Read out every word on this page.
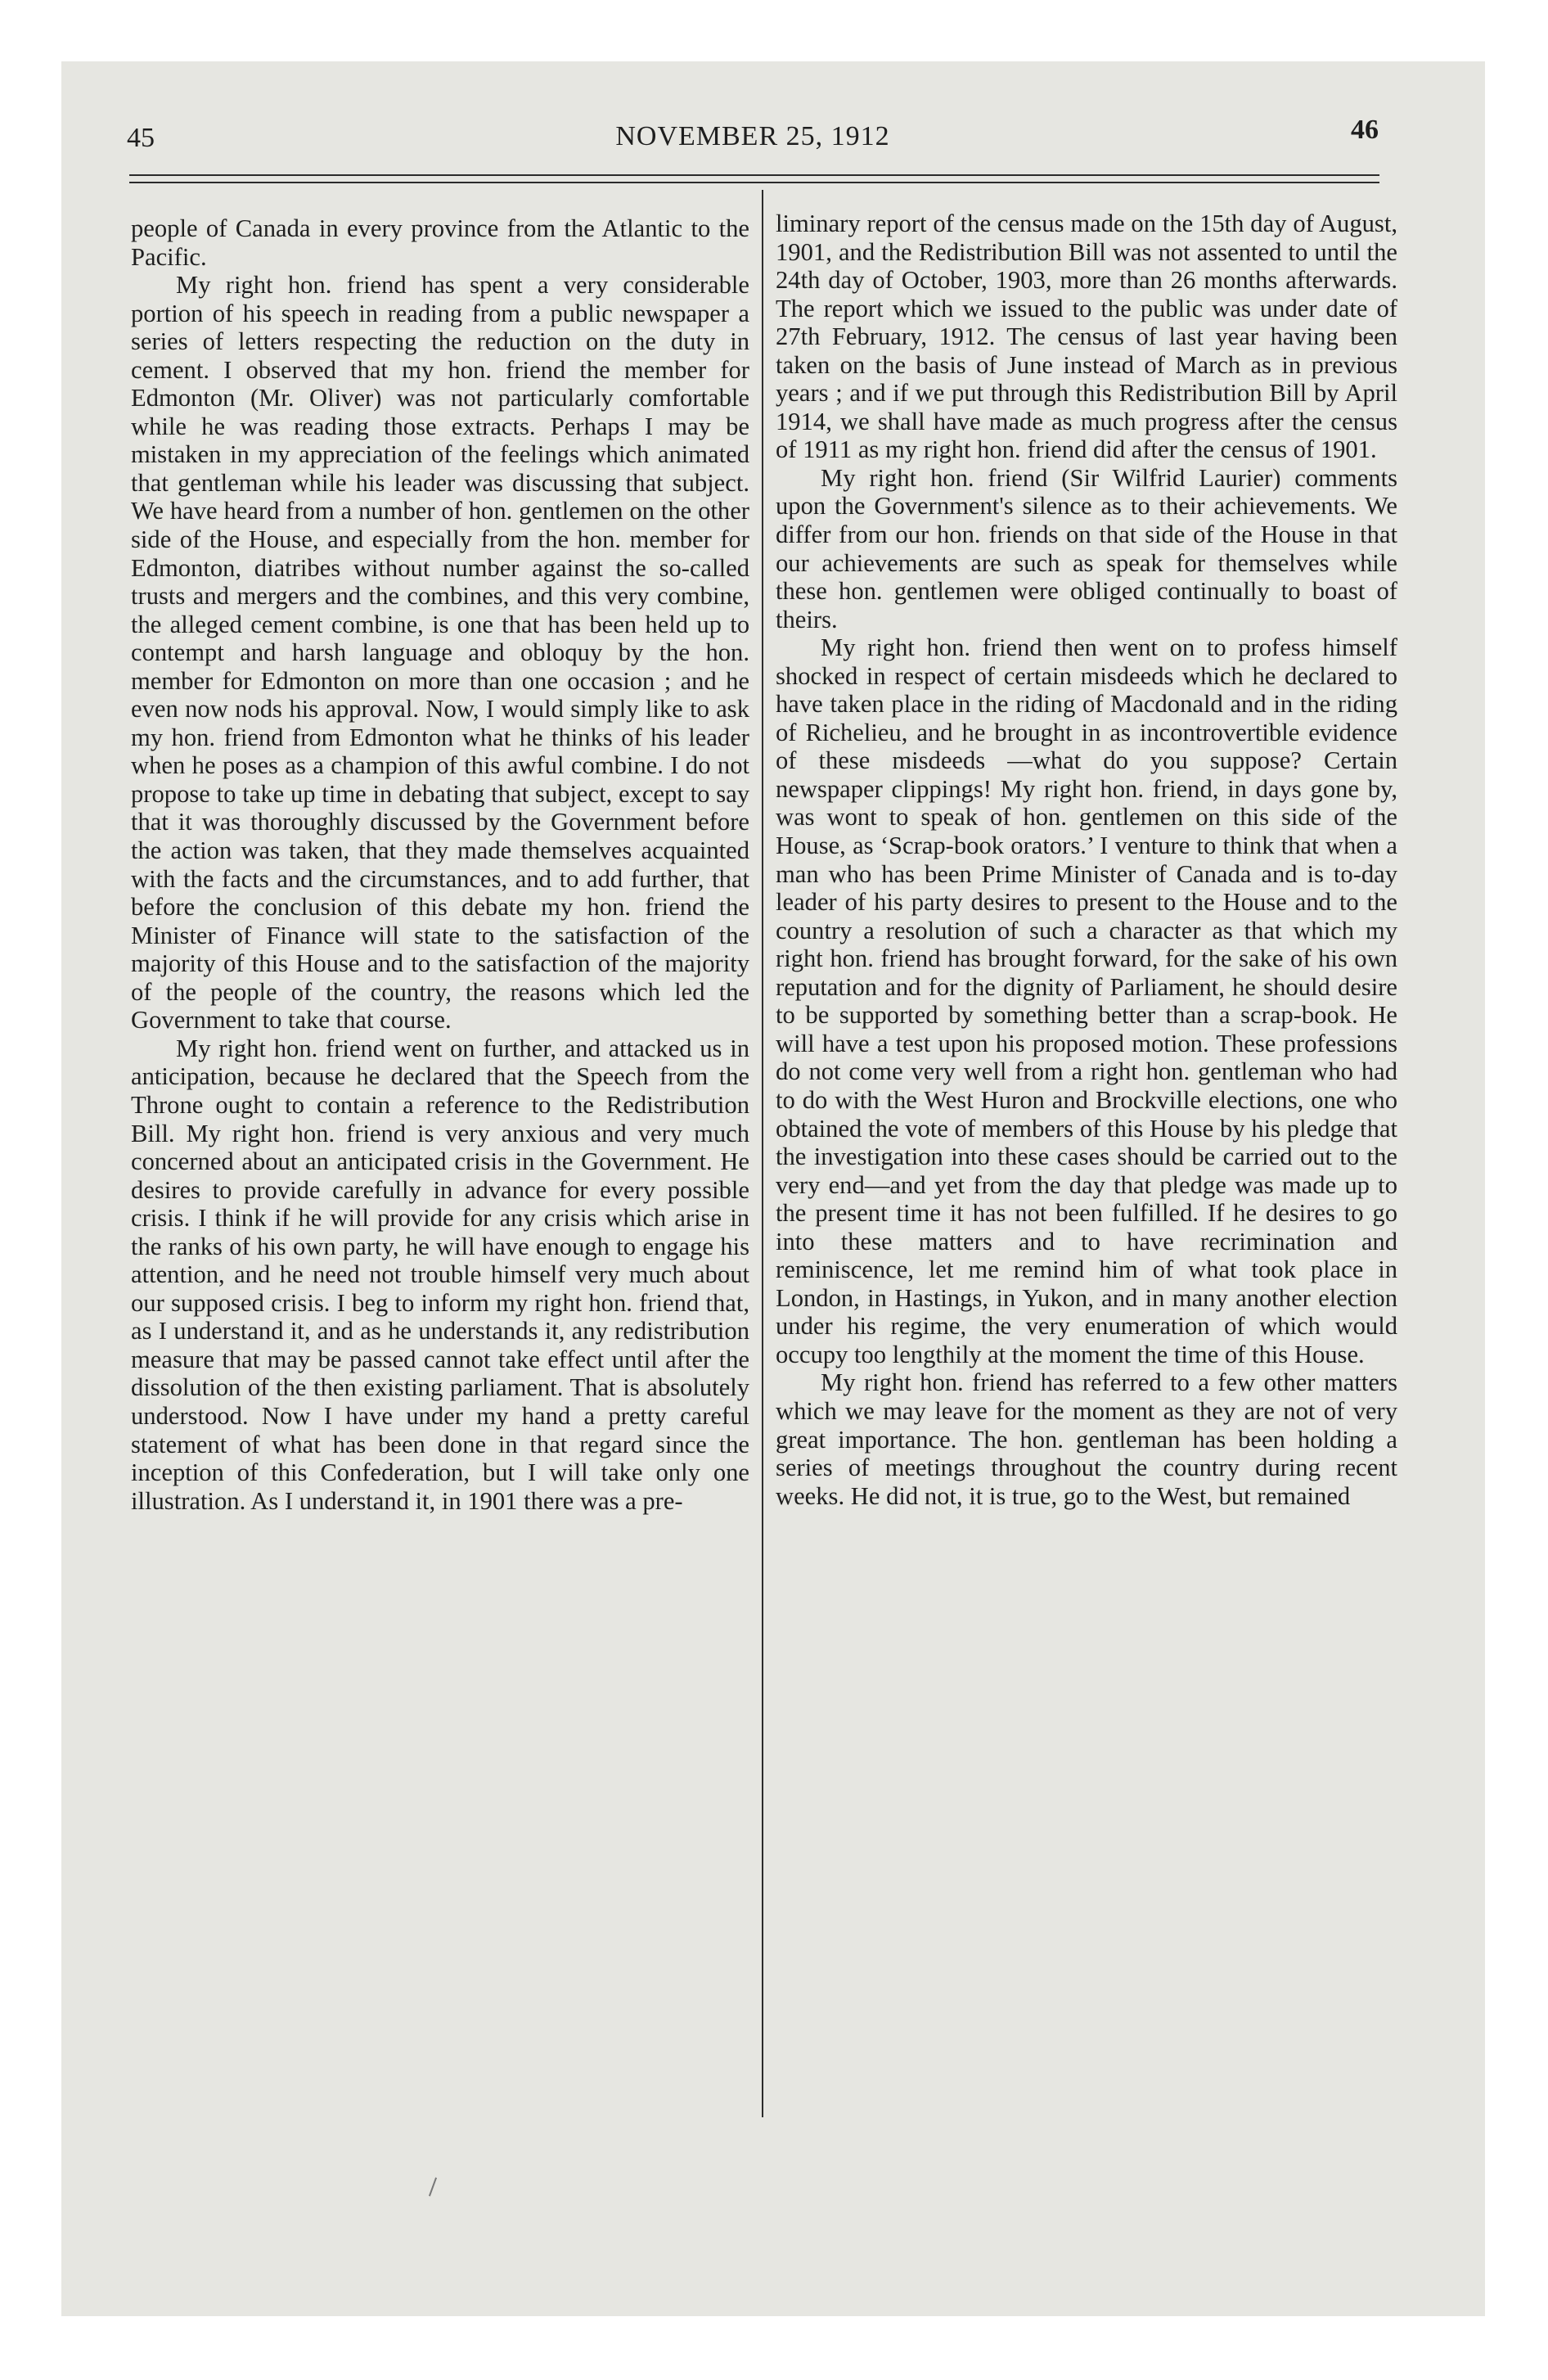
45	NOVEMBER 25, 1912	46

people of Canada in every province from the Atlantic to the Pacific.

My right hon. friend has spent a very considerable portion of his speech in reading from a public newspaper a series of letters respecting the reduction on the duty in cement. I observed that my hon. friend the member for Edmonton (Mr. Oliver) was not particularly comfortable while he was reading those extracts. Perhaps I may be mistaken in my appreciation of the feelings which animated that gentleman while his leader was discussing that subject. We have heard from a number of hon. gentlemen on the other side of the House, and especially from the hon. member for Edmonton, diatribes without number against the so-called trusts and mergers and the combines, and this very combine, the alleged cement combine, is one that has been held up to contempt and harsh language and obloquy by the hon. member for Edmonton on more than one occasion ; and he even now nods his approval. Now, I would simply like to ask my hon. friend from Edmonton what he thinks of his leader when he poses as a champion of this awful combine. I do not propose to take up time in debating that subject, except to say that it was thoroughly discussed by the Government before the action was taken, that they made themselves acquainted with the facts and the circumstances, and to add further, that before the conclusion of this debate my hon. friend the Minister of Finance will state to the satisfaction of the majority of this House and to the satisfaction of the majority of the people of the country, the reasons which led the Government to take that course.

My right hon. friend went on further, and attacked us in anticipation, because he declared that the Speech from the Throne ought to contain a reference to the Redistribution Bill. My right hon. friend is very anxious and very much concerned about an anticipated crisis in the Government. He desires to provide carefully in advance for every possible crisis. I think if he will provide for any crisis which arise in the ranks of his own party, he will have enough to engage his attention, and he need not trouble himself very much about our supposed crisis. I beg to inform my right hon. friend that, as I understand it, and as he understands it, any redistribution measure that may be passed cannot take effect until after the dissolution of the then existing parliament. That is absolutely understood. Now I have under my hand a pretty careful statement of what has been done in that regard since the inception of this Confederation, but I will take only one illustration. As I understand it, in 1901 there was a pre-

liminary report of the census made on the 15th day of August, 1901, and the Redistribution Bill was not assented to until the 24th day of October, 1903, more than 26 months afterwards. The report which we issued to the public was under date of 27th February, 1912. The census of last year having been taken on the basis of June instead of March as in previous years ; and if we put through this Redistribution Bill by April 1914, we shall have made as much progress after the census of 1911 as my right hon. friend did after the census of 1901.

My right hon. friend (Sir Wilfrid Laurier) comments upon the Government's silence as to their achievements. We differ from our hon. friends on that side of the House in that our achievements are such as speak for themselves while these hon. gentlemen were obliged continually to boast of theirs.

My right hon. friend then went on to profess himself shocked in respect of certain misdeeds which he declared to have taken place in the riding of Macdonald and in the riding of Richelieu, and he brought in as incontrovertible evidence of these misdeeds —what do you suppose? Certain newspaper clippings! My right hon. friend, in days gone by, was wont to speak of hon. gentlemen on this side of the House, as ‘Scrap-book orators.’ I venture to think that when a man who has been Prime Minister of Canada and is to-day leader of his party desires to present to the House and to the country a resolution of such a character as that which my right hon. friend has brought forward, for the sake of his own reputation and for the dignity of Parliament, he should desire to be supported by something better than a scrap-book. He will have a test upon his proposed motion. These professions do not come very well from a right hon. gentleman who had to do with the West Huron and Brockville elections, one who obtained the vote of members of this House by his pledge that the investigation into these cases should be carried out to the very end—and yet from the day that pledge was made up to the present time it has not been fulfilled. If he desires to go into these matters and to have recrimination and reminiscence, let me remind him of what took place in London, in Hastings, in Yukon, and in many another election under his regime, the very enumeration of which would occupy too lengthily at the moment the time of this House.

My right hon. friend has referred to a few other matters which we may leave for the moment as they are not of very great importance. The hon. gentleman has been holding a series of meetings throughout the country during recent weeks. He did not, it is true, go to the West, but remained
